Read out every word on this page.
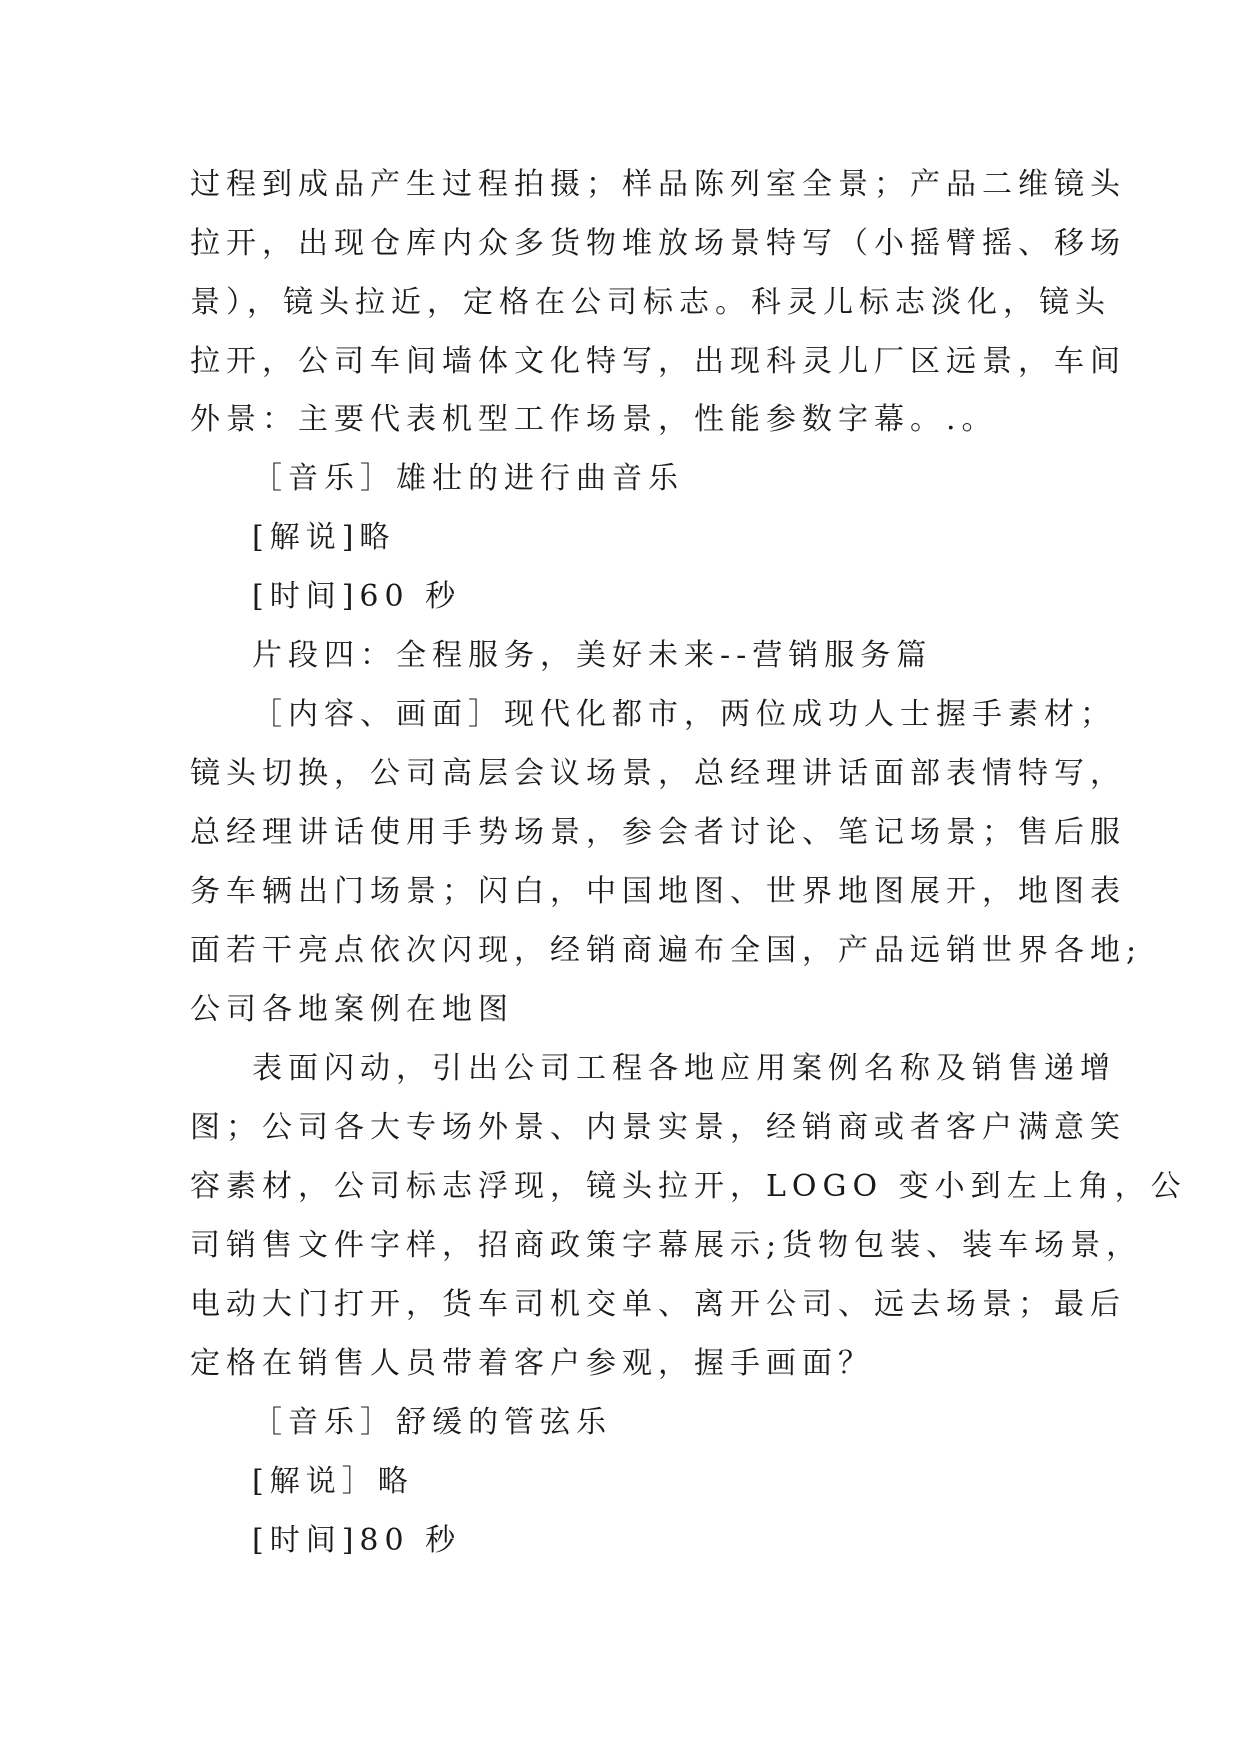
过程到成品产生过程拍摄；样品陈列室全景；产品二维镜头
拉开，出现仓库内众多货物堆放场景特写（小摇臂摇、移场
景），镜头拉近，定格在公司标志。科灵儿标志淡化，镜头
拉开，公司车间墙体文化特写，出现科灵儿厂区远景，车间
外景：主要代表机型工作场景，性能参数字幕。.。
［音乐］雄壮的进行曲音乐
[解说]略
[时间]60 秒
片段四：全程服务，美好未来--营销服务篇
［内容、画面］现代化都市，两位成功人士握手素材；
镜头切换，公司高层会议场景，总经理讲话面部表情特写，
总经理讲话使用手势场景，参会者讨论、笔记场景；售后服
务车辆出门场景；闪白，中国地图、世界地图展开，地图表
面若干亮点依次闪现，经销商遍布全国，产品远销世界各地;
公司各地案例在地图
表面闪动，引出公司工程各地应用案例名称及销售递增
图；公司各大专场外景、内景实景，经销商或者客户满意笑
容素材，公司标志浮现，镜头拉开，LOGO 变小到左上角，公
司销售文件字样，招商政策字幕展示;货物包装、装车场景，
电动大门打开，货车司机交单、离开公司、远去场景；最后
定格在销售人员带着客户参观，握手画面？
［音乐］舒缓的管弦乐
[解说］略
[时间]80 秒
